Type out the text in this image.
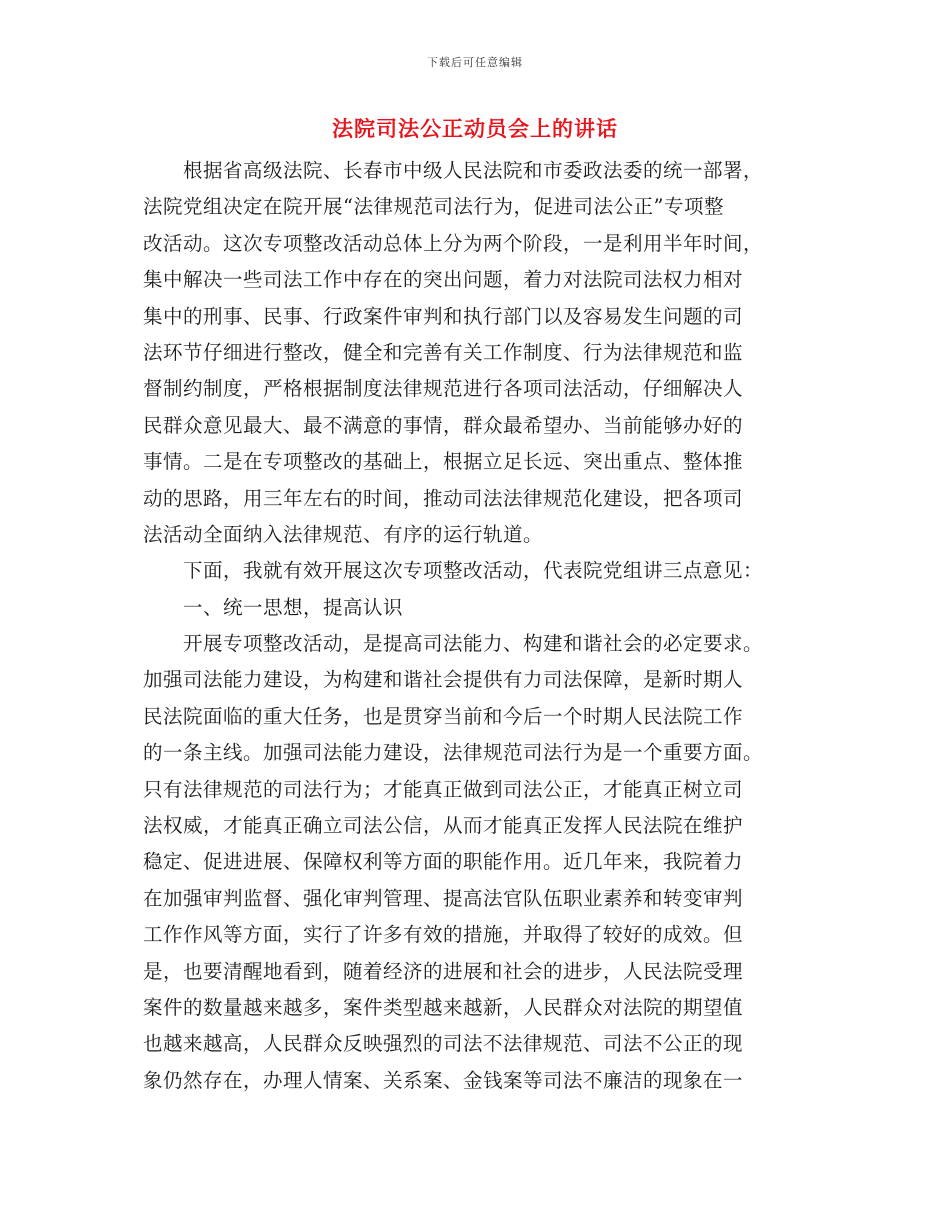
下载后可任意编辑
法院司法公正动员会上的讲话
　　根据省高级法院、长春市中级人民法院和市委政法委的统一部署，
法院党组决定在院开展“法律规范司法行为，促进司法公正”专项整
改活动。这次专项整改活动总体上分为两个阶段，一是利用半年时间，
集中解决一些司法工作中存在的突出问题，着力对法院司法权力相对
集中的刑事、民事、行政案件审判和执行部门以及容易发生问题的司
法环节仔细进行整改，健全和完善有关工作制度、行为法律规范和监
督制约制度，严格根据制度法律规范进行各项司法活动，仔细解决人
民群众意见最大、最不满意的事情，群众最希望办、当前能够办好的
事情。二是在专项整改的基础上，根据立足长远、突出重点、整体推
动的思路，用三年左右的时间，推动司法法律规范化建设，把各项司
法活动全面纳入法律规范、有序的运行轨道。
　　下面，我就有效开展这次专项整改活动，代表院党组讲三点意见：
　　一、统一思想，提高认识
　　开展专项整改活动，是提高司法能力、构建和谐社会的必定要求。
加强司法能力建设，为构建和谐社会提供有力司法保障，是新时期人
民法院面临的重大任务，也是贯穿当前和今后一个时期人民法院工作
的一条主线。加强司法能力建设，法律规范司法行为是一个重要方面。
只有法律规范的司法行为；才能真正做到司法公正，才能真正树立司
法权威，才能真正确立司法公信，从而才能真正发挥人民法院在维护
稳定、促进进展、保障权利等方面的职能作用。近几年来，我院着力
在加强审判监督、强化审判管理、提高法官队伍职业素养和转变审判
工作作风等方面，实行了许多有效的措施，并取得了较好的成效。但
是，也要清醒地看到，随着经济的进展和社会的进步，人民法院受理
案件的数量越来越多，案件类型越来越新，人民群众对法院的期望值
也越来越高，人民群众反映强烈的司法不法律规范、司法不公正的现
象仍然存在，办理人情案、关系案、金钱案等司法不廉洁的现象在一
